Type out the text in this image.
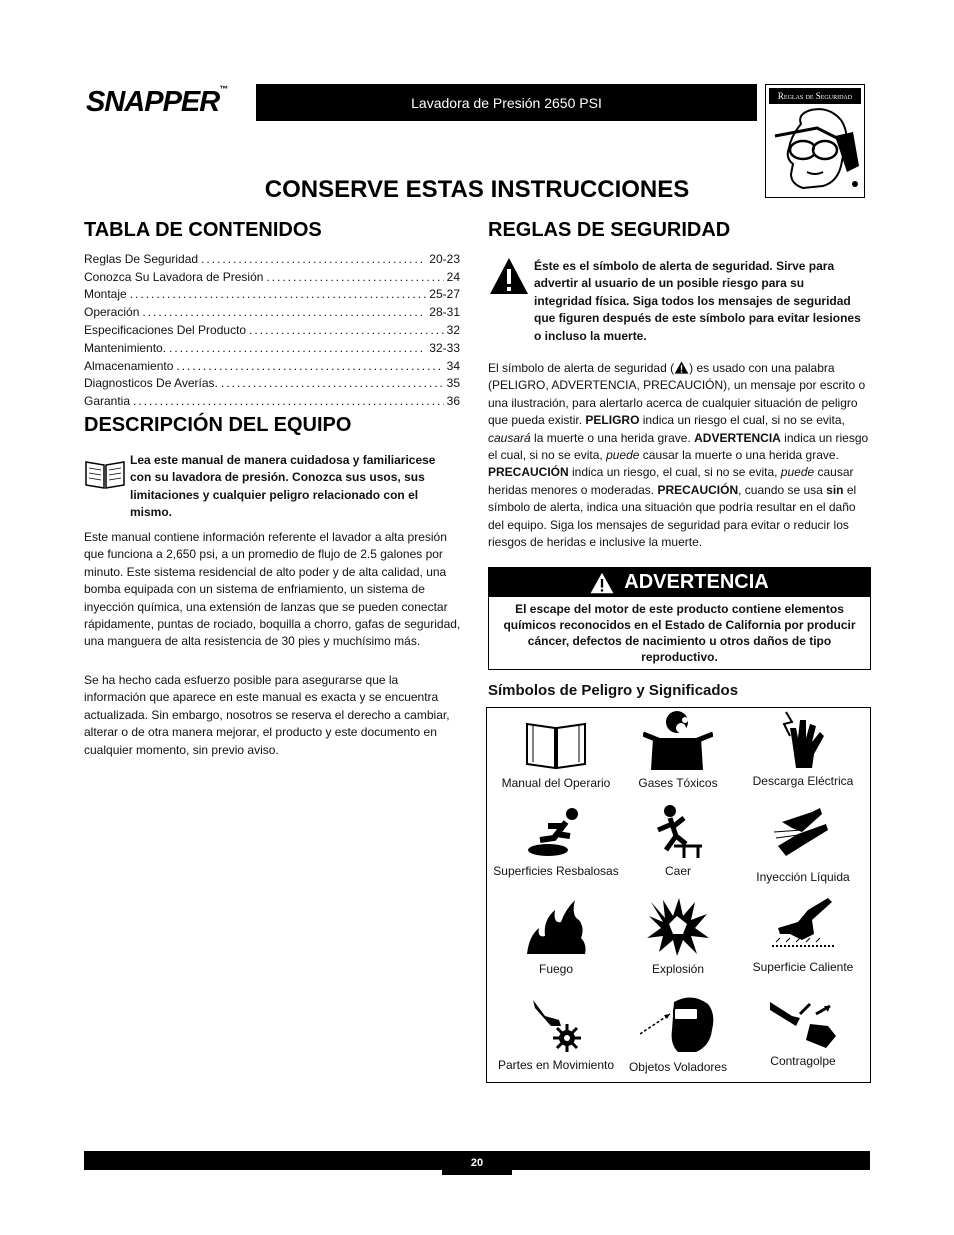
SNAPPER™
Lavadora de Presión 2650 PSI	Reglas de Seguridad
CONSERVE ESTAS INSTRUCCIONES
TABLA DE CONTENIDOS
Reglas De Seguridad .....	20-23
Conozca Su Lavadora de Presión .....	24
Montaje .....	25-27
Operación .....	28-31
Especificaciones Del Producto .....	32
Mantenimiento. .....	32-33
Almacenamiento .....	34
Diagnosticos De Averías. .....	35
Garantia .....	36
DESCRIPCIÓN DEL EQUIPO
Lea este manual de manera cuidadosa y familiaricese con su lavadora de presión. Conozca sus usos, sus limitaciones y cualquier peligro relacionado con el mismo.
Este manual contiene información referente el lavador a alta presión que funciona a 2,650 psi, a un promedio de flujo de 2.5 galones por minuto. Este sistema residencial de alto poder y de alta calidad, una bomba equipada con un sistema de enfriamiento, un sistema de inyección química, una extensión de lanzas que se pueden conectar rápidamente, puntas de rociado, boquilla a chorro, gafas de seguridad, una manguera de alta resistencia de 30 pies y muchísimo más.
Se ha hecho cada esfuerzo posible para asegurarse que la información que aparece en este manual es exacta y se encuentra actualizada. Sin embargo, nosotros se reserva el derecho a cambiar, alterar o de otra manera mejorar, el producto y este documento en cualquier momento, sin previo aviso.
REGLAS DE SEGURIDAD
Éste es el símbolo de alerta de seguridad. Sirve para advertir al usuario de un posible riesgo para su integridad física. Siga todos los mensajes de seguridad que figuren después de este símbolo para evitar lesiones o incluso la muerte.
El símbolo de alerta de seguridad ( ) es usado con una palabra (PELIGRO, ADVERTENCIA, PRECAUCIÓN), un mensaje por escrito o una ilustración, para alertarlo acerca de cualquier situación de peligro que pueda existir. PELIGRO indica un riesgo el cual, si no se evita, causará la muerte o una herida grave. ADVERTENCIA indica un riesgo el cual, si no se evita, puede causar la muerte o una herida grave. PRECAUCIÓN indica un riesgo, el cual, si no se evita, puede causar heridas menores o moderadas. PRECAUCIÓN, cuando se usa sin el símbolo de alerta, indica una situación que podría resultar en el daño del equipo. Siga los mensajes de seguridad para evitar o reducir los riesgos de heridas e inclusive la muerte.
ADVERTENCIA
El escape del motor de este producto contiene elementos químicos reconocidos en el Estado de California por producir cáncer, defectos de nacimiento u otros daños de tipo reproductivo.
Símbolos de Peligro y Significados
Manual del Operario	Gases Tóxicos	Descarga Eléctrica
Superficies Resbalosas	Caer	Inyección Líquida
Fuego	Explosión	Superficie Caliente
Partes en Movimiento	Objetos Voladores	Contragolpe
20
